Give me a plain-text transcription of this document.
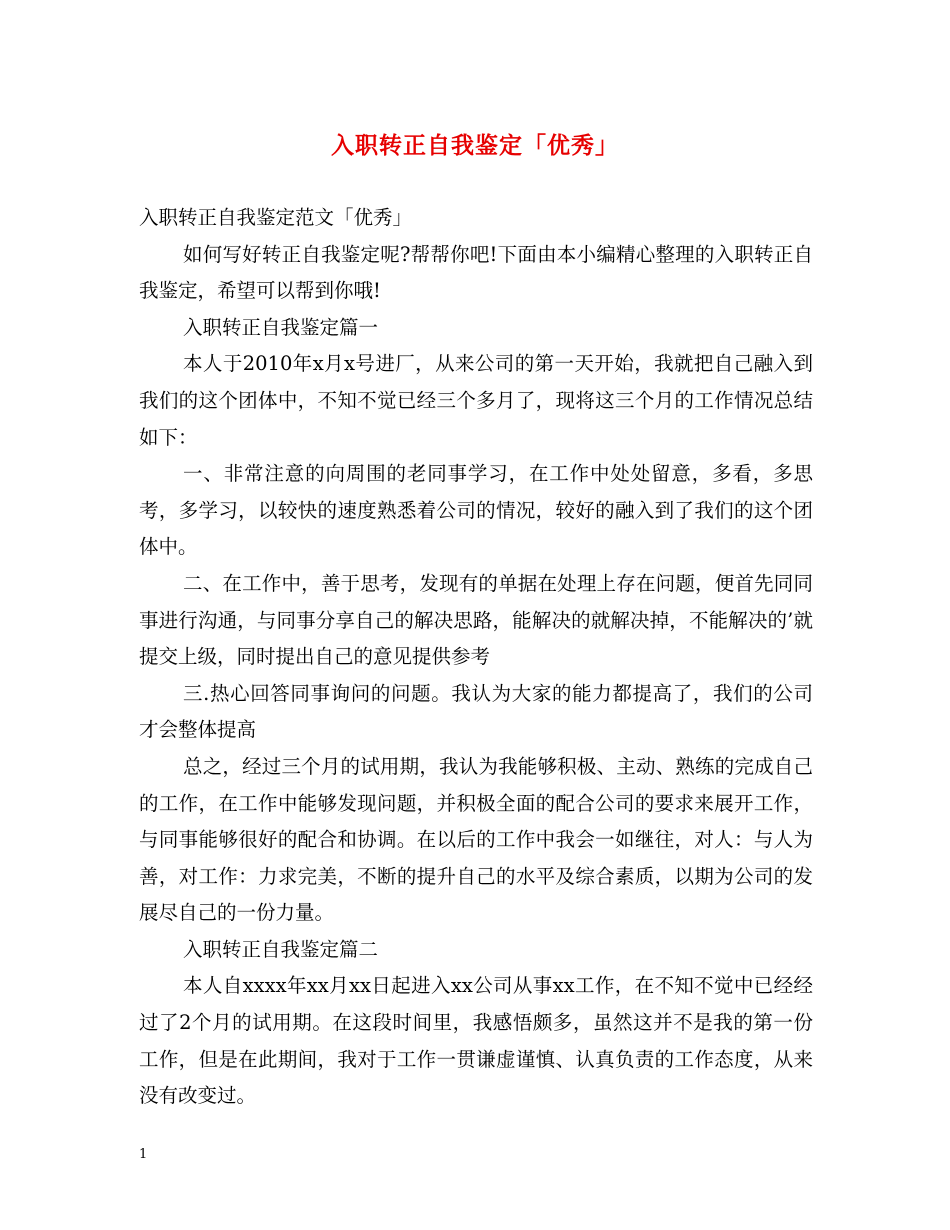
入职转正自我鉴定「优秀」

入职转正自我鉴定范文「优秀」

如何写好转正自我鉴定呢?帮帮你吧!下面由本小编精心整理的入职转正自我鉴定，希望可以帮到你哦!

入职转正自我鉴定篇一

本人于2010年x月x号进厂，从来公司的第一天开始，我就把自己融入到我们的这个团体中，不知不觉已经三个多月了，现将这三个月的工作情况总结如下：

一、非常注意的向周围的老同事学习，在工作中处处留意，多看，多思考，多学习，以较快的速度熟悉着公司的情况，较好的融入到了我们的这个团体中。

二、在工作中，善于思考，发现有的单据在处理上存在问题，便首先同同事进行沟通，与同事分享自己的解决思路，能解决的就解决掉，不能解决的’就提交上级，同时提出自己的意见提供参考

三.热心回答同事询问的问题。我认为大家的能力都提高了，我们的公司才会整体提高

总之，经过三个月的试用期，我认为我能够积极、主动、熟练的完成自己的工作，在工作中能够发现问题，并积极全面的配合公司的要求来展开工作，与同事能够很好的配合和协调。在以后的工作中我会一如继往，对人：与人为善，对工作：力求完美，不断的提升自己的水平及综合素质，以期为公司的发展尽自己的一份力量。

入职转正自我鉴定篇二

本人自xxxx年xx月xx日起进入xx公司从事xx工作，在不知不觉中已经经过了2个月的试用期。在这段时间里，我感悟颇多，虽然这并不是我的第一份工作，但是在此期间，我对于工作一贯谦虚谨慎、认真负责的工作态度，从来没有改变过。

1
